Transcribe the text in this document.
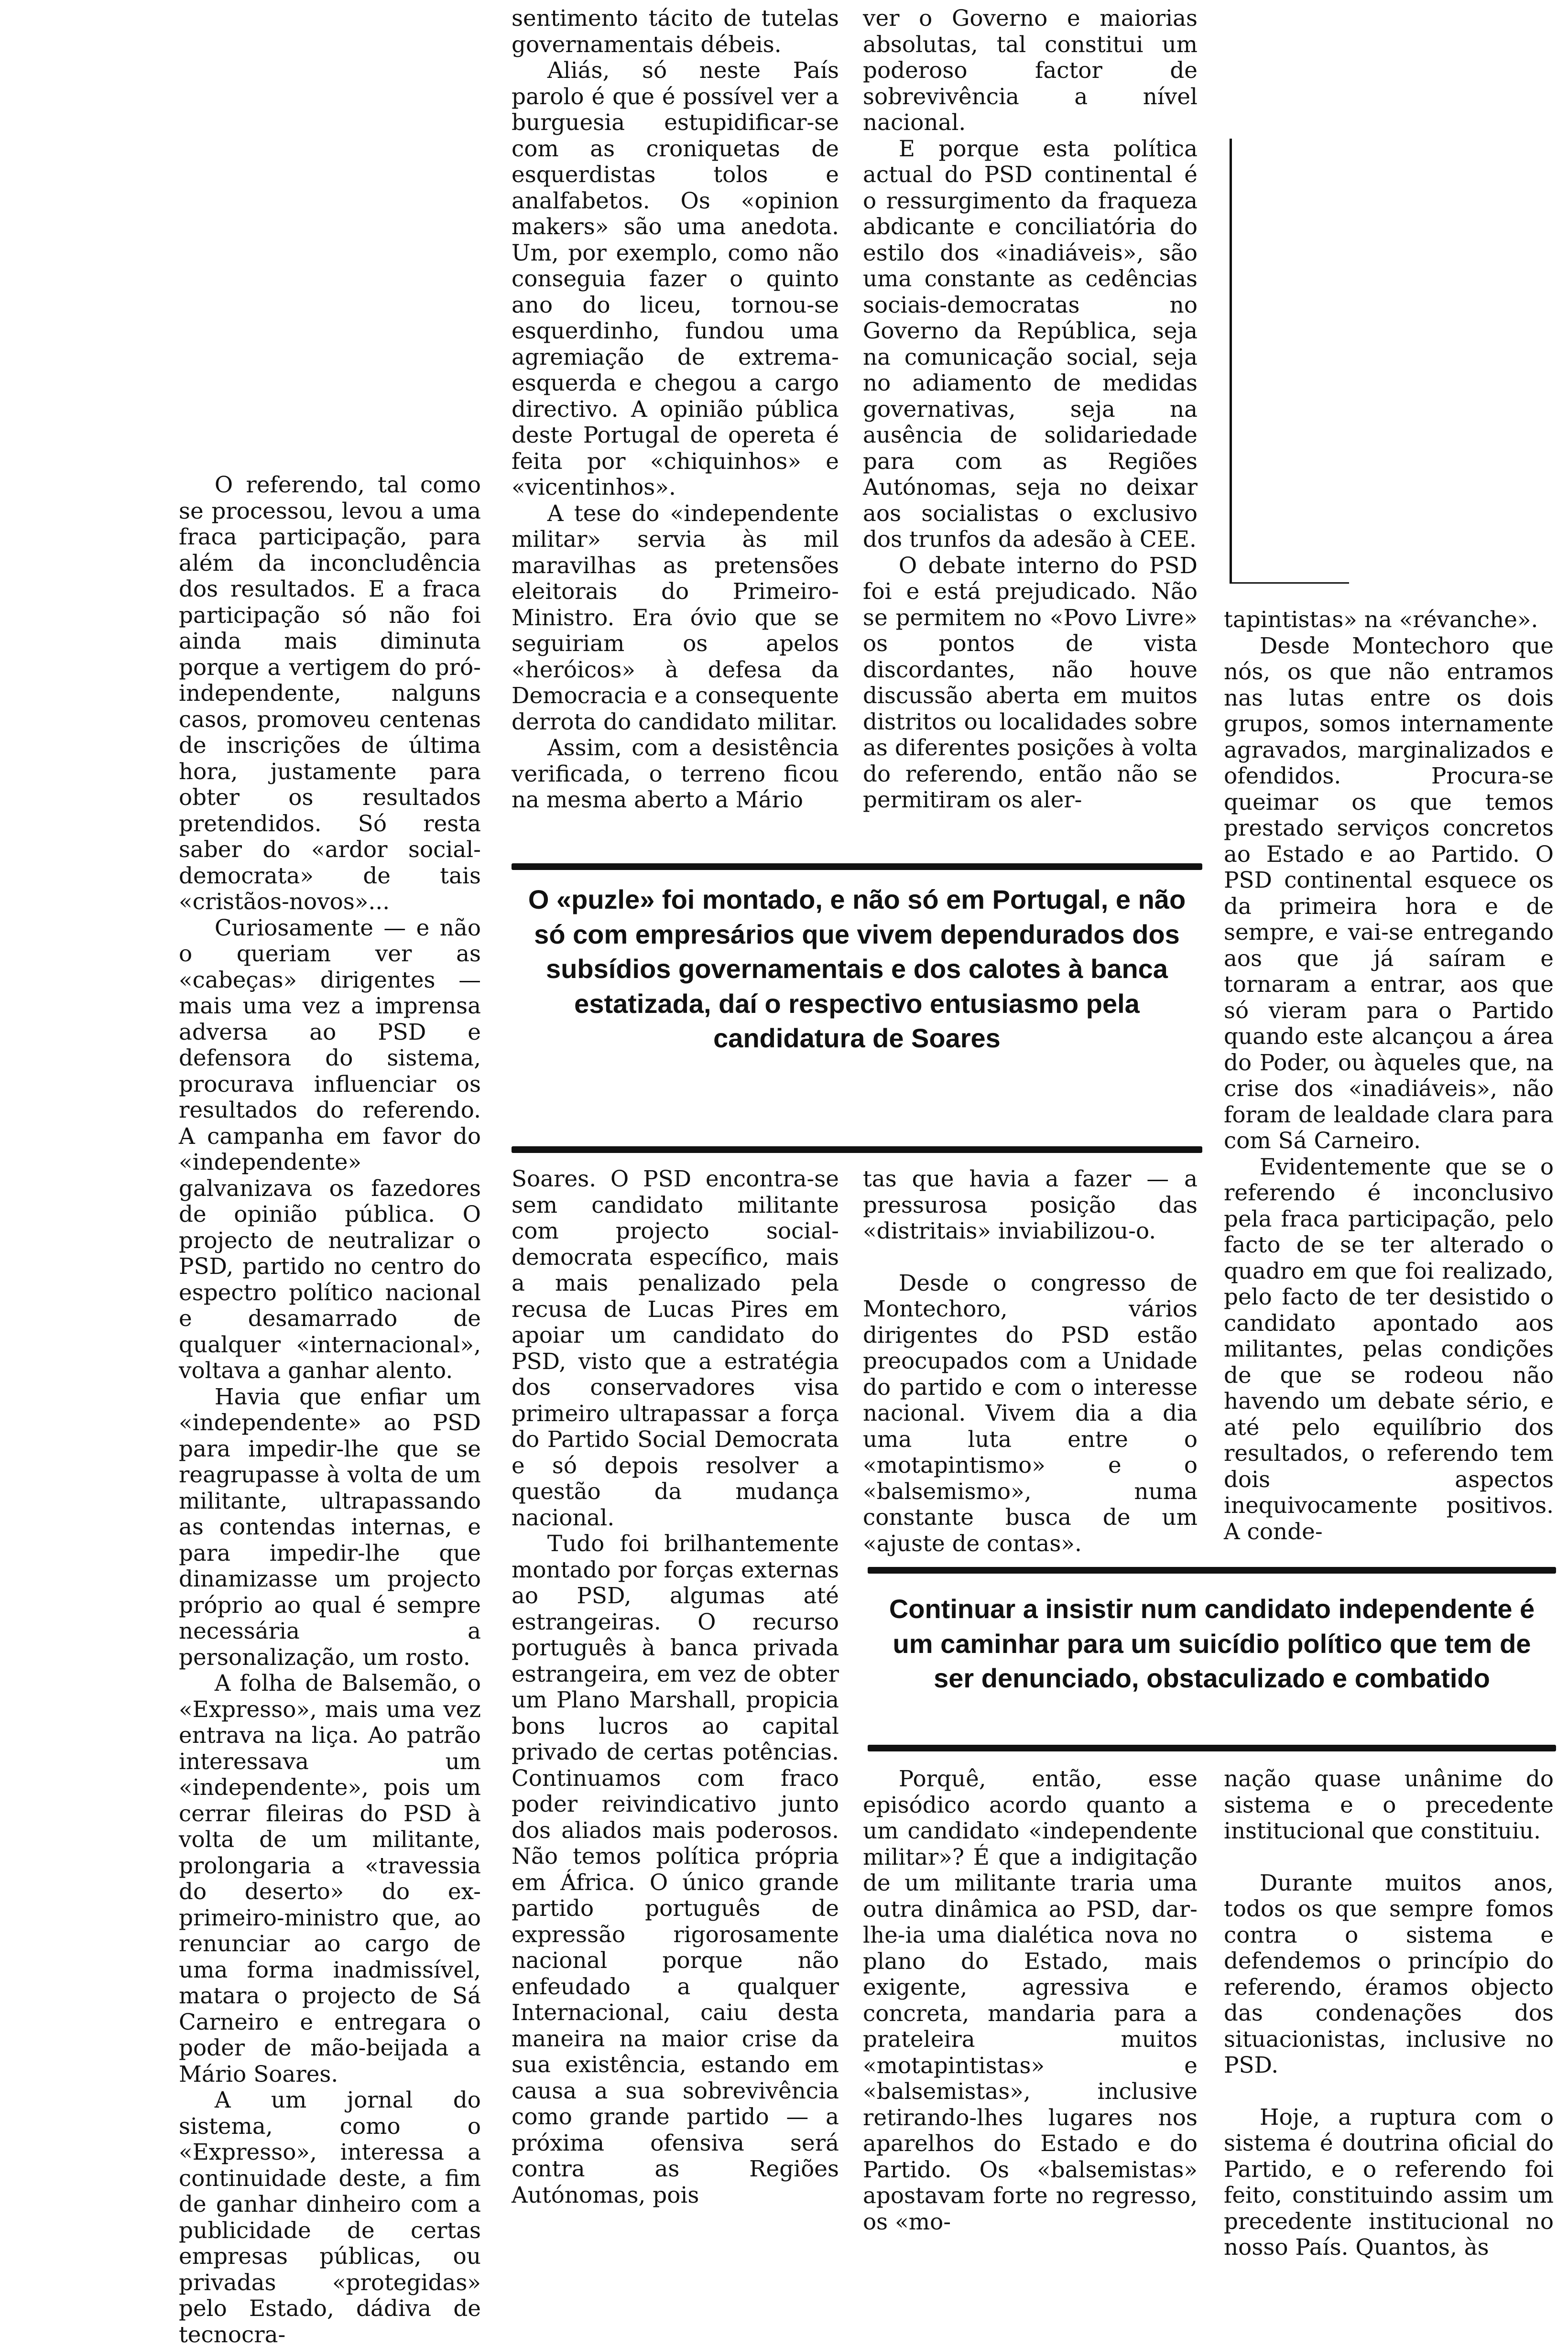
O referendo, tal como se processou, levou a uma fraca participação, para além da inconcludência dos resultados. E a fraca participação só não foi ainda mais diminuta porque a vertigem do pró-independente, nalguns casos, promoveu centenas de inscrições de última hora, justamente para obter os resultados pretendidos. Só resta saber do «ardor social-democrata» de tais «cristãos-novos»...

Curiosamente — e não o queriam ver as «cabeças» dirigentes — mais uma vez a imprensa adversa ao PSD e defensora do sistema, procurava influenciar os resultados do referendo. A campanha em favor do «independente» galvanizava os fazedores de opinião pública. O projecto de neutralizar o PSD, partido no centro do espectro político nacional e desamarrado de qualquer «internacional», voltava a ganhar alento.

Havia que enfiar um «independente» ao PSD para impedir-lhe que se reagrupasse à volta de um militante, ultrapassando as contendas internas, e para impedir-lhe que dinamizasse um projecto próprio ao qual é sempre necessária a personalização, um rosto.

A folha de Balsemão, o «Expresso», mais uma vez entrava na liça. Ao patrão interessava um «independente», pois um cerrar fileiras do PSD à volta de um militante, prolongaria a «travessia do deserto» do ex-primeiro-ministro que, ao renunciar ao cargo de uma forma inadmissível, matara o projecto de Sá Carneiro e entregara o poder de mão-beijada a Mário Soares.

A um jornal do sistema, como o «Expresso», interessa a continuidade deste, a fim de ganhar dinheiro com a publicidade de certas empresas públicas, ou privadas «protegidas» pelo Estado, dádiva de tecnocra-

sentimento tácito de tutelas governamentais débeis.

Aliás, só neste País parolo é que é possível ver a burguesia estupidificar-se com as croniquetas de esquerdistas tolos e analfabetos. Os «opinion makers» são uma anedota. Um, por exemplo, como não conseguia fazer o quinto ano do liceu, tornou-se esquerdinho, fundou uma agremiação de extrema-esquerda e chegou a cargo directivo. A opinião pública deste Portugal de opereta é feita por «chiquinhos» e «vicentinhos».

A tese do «independente militar» servia às mil maravilhas as pretensões eleitorais do Primeiro-Ministro. Era óvio que se seguiriam os apelos «heróicos» à defesa da Democracia e a consequente derrota do candidato militar.

Assim, com a desistência verificada, o terreno ficou na mesma aberto a Mário

ver o Governo e maiorias absolutas, tal constitui um poderoso factor de sobrevivência a nível nacional.

E porque esta política actual do PSD continental é o ressurgimento da fraqueza abdicante e conciliatória do estilo dos «inadiáveis», são uma constante as cedências sociais-democratas no Governo da República, seja na comunicação social, seja no adiamento de medidas governativas, seja na ausência de solidariedade para com as Regiões Autónomas, seja no deixar aos socialistas o exclusivo dos trunfos da adesão à CEE.

O debate interno do PSD foi e está prejudicado. Não se permitem no «Povo Livre» os pontos de vista discordantes, não houve discussão aberta em muitos distritos ou localidades sobre as diferentes posições à volta do referendo, então não se permitiram os aler-

tapintistas» na «révanche».

Desde Montechoro que nós, os que não entramos nas lutas entre os dois grupos, somos internamente agravados, marginalizados e ofendidos. Procura-se queimar os que temos prestado serviços concretos ao Estado e ao Partido. O PSD continental esquece os da primeira hora e de sempre, e vai-se entregando aos que já saíram e tornaram a entrar, aos que só vieram para o Partido quando este alcançou a área do Poder, ou àqueles que, na crise dos «inadiáveis», não foram de lealdade clara para com Sá Carneiro.

Evidentemente que se o referendo é inconclusivo pela fraca participação, pelo facto de se ter alterado o quadro em que foi realizado, pelo facto de ter desistido o candidato apontado aos militantes, pelas condições de que se rodeou não havendo um debate sério, e até pelo equilíbrio dos resultados, o referendo tem dois aspectos inequivocamente positivos. A conde-

O «puzle» foi montado, e não só em Portugal, e não só com empresários que vivem dependurados dos subsídios governamentais e dos calotes à banca estatizada, daí o respectivo entusiasmo pela candidatura de Soares

Soares. O PSD encontra-se sem candidato militante com projecto social-democrata específico, mais a mais penalizado pela recusa de Lucas Pires em apoiar um candidato do PSD, visto que a estratégia dos conservadores visa primeiro ultrapassar a força do Partido Social Democrata e só depois resolver a questão da mudança nacional.

Tudo foi brilhantemente montado por forças externas ao PSD, algumas até estrangeiras. O recurso português à banca privada estrangeira, em vez de obter um Plano Marshall, propicia bons lucros ao capital privado de certas potências. Continuamos com fraco poder reivindicativo junto dos aliados mais poderosos. Não temos política própria em África. O único grande partido português de expressão rigorosamente nacional porque não enfeudado a qualquer Internacional, caiu desta maneira na maior crise da sua existência, estando em causa a sua sobrevivência como grande partido — a próxima ofensiva será contra as Regiões Autónomas, pois

tas que havia a fazer — a pressurosa posição das «distritais» inviabilizou-o.

Desde o congresso de Montechoro, vários dirigentes do PSD estão preocupados com a Unidade do partido e com o interesse nacional. Vivem dia a dia uma luta entre o «motapintismo» e o «balsemismo», numa constante busca de um «ajuste de contas».

Continuar a insistir num candidato independente é um caminhar para um suicídio político que tem de ser denunciado, obstaculizado e combatido

Porquê, então, esse episódico acordo quanto a um candidato «independente militar»? É que a indigitação de um militante traria uma outra dinâmica ao PSD, dar-lhe-ia uma dialética nova no plano do Estado, mais exigente, agressiva e concreta, mandaria para a prateleira muitos «motapintistas» e «balsemistas», inclusive retirando-lhes lugares nos aparelhos do Estado e do Partido. Os «balsemistas» apostavam forte no regresso, os «mo-

nação quase unânime do sistema e o precedente institucional que constituiu.

Durante muitos anos, todos os que sempre fomos contra o sistema e defendemos o princípio do referendo, éramos objecto das condenações dos situacionistas, inclusive no PSD.

Hoje, a ruptura com o sistema é doutrina oficial do Partido, e o referendo foi feito, constituindo assim um precedente institucional no nosso País. Quantos, às
